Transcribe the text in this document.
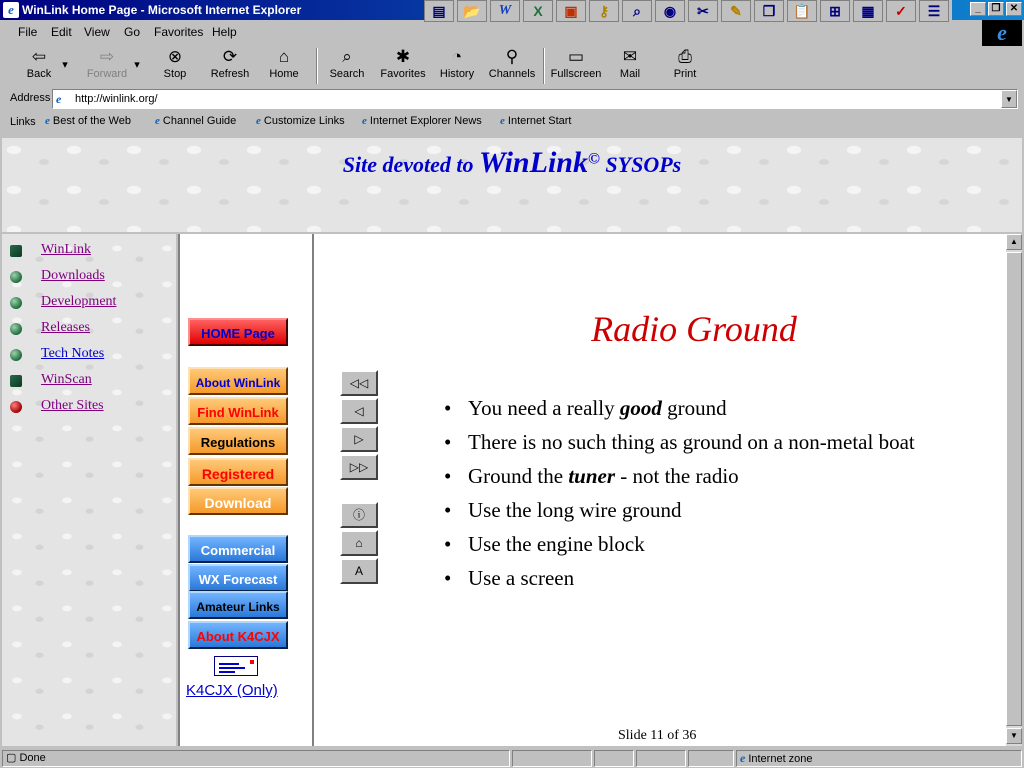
e WinLink Home Page - Microsoft Internet Explorer	▤	📂	W	X	▣	⚷	⌕	◉	✂	✎	❐	📋	⊞	▦	✓	☰	_	❐ ✕
File Edit View Go Favorites Help	e
⇦
Back
▾	⇨
Forward
▾	⊗
Stop
⟳
Refresh
⌂
Home
⌕
Search
✱
Favorites
◔
History
⚲
Channels
▭
Fullscreen
✉
Mail
⎙
Print
Address e	http://winlink.org/	▼
Links e Best of the Web e Channel Guide e Customize Links e Internet Explorer News e Internet Start
Site devoted to WinLink© SYSOPs
WinLink
Downloads
Development
Releases
Tech Notes
WinScan
Other Sites
HOME Page
About WinLink
Find WinLink
Regulations
Registered
Download
Commercial
WX Forecast
Amateur Links
About K4CJX
K4CJX (Only)
Radio Ground
◁◁
◁
▷
▷▷
ⓘ
⌂
A
• You need a really good ground
• There is no such thing as ground on a non-metal boat
• Ground the tuner - not the radio
• Use the long wire ground
• Use the engine block
• Use a screen
Slide 11 of 36
▲
▼
▢ Done	e Internet zone
